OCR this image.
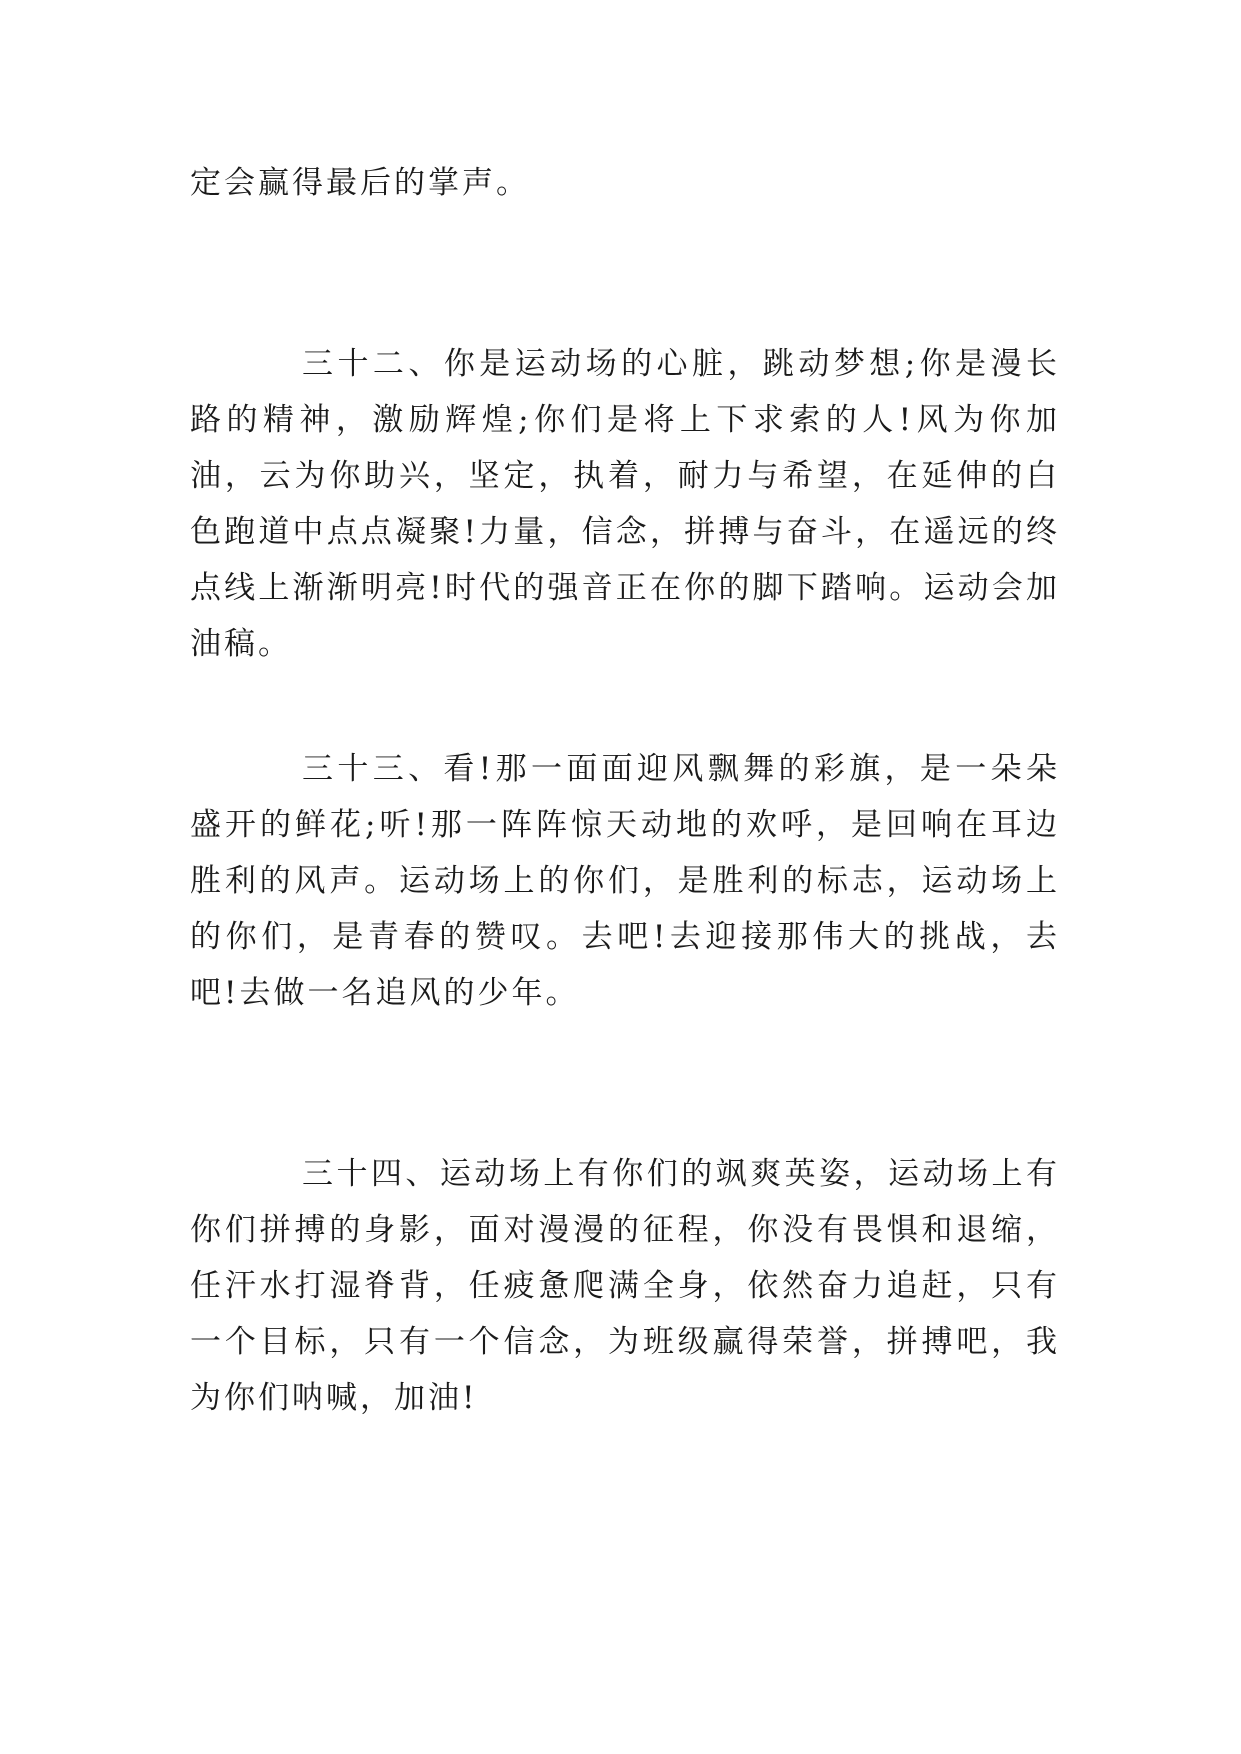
定会赢得最后的掌声。

三十二、你是运动场的心脏，跳动梦想;你是漫长路的精神，激励辉煌;你们是将上下求索的人!风为你加油，云为你助兴，坚定，执着，耐力与希望，在延伸的白色跑道中点点凝聚!力量，信念，拼搏与奋斗，在遥远的终点线上渐渐明亮!时代的强音正在你的脚下踏响。运动会加油稿。

三十三、看!那一面面迎风飘舞的彩旗，是一朵朵盛开的鲜花;听!那一阵阵惊天动地的欢呼，是回响在耳边胜利的风声。运动场上的你们，是胜利的标志，运动场上的你们，是青春的赞叹。去吧!去迎接那伟大的挑战，去吧!去做一名追风的少年。

三十四、运动场上有你们的飒爽英姿，运动场上有你们拼搏的身影，面对漫漫的征程，你没有畏惧和退缩，任汗水打湿脊背，任疲惫爬满全身，依然奋力追赶，只有一个目标，只有一个信念，为班级赢得荣誉，拼搏吧，我为你们呐喊，加油!
